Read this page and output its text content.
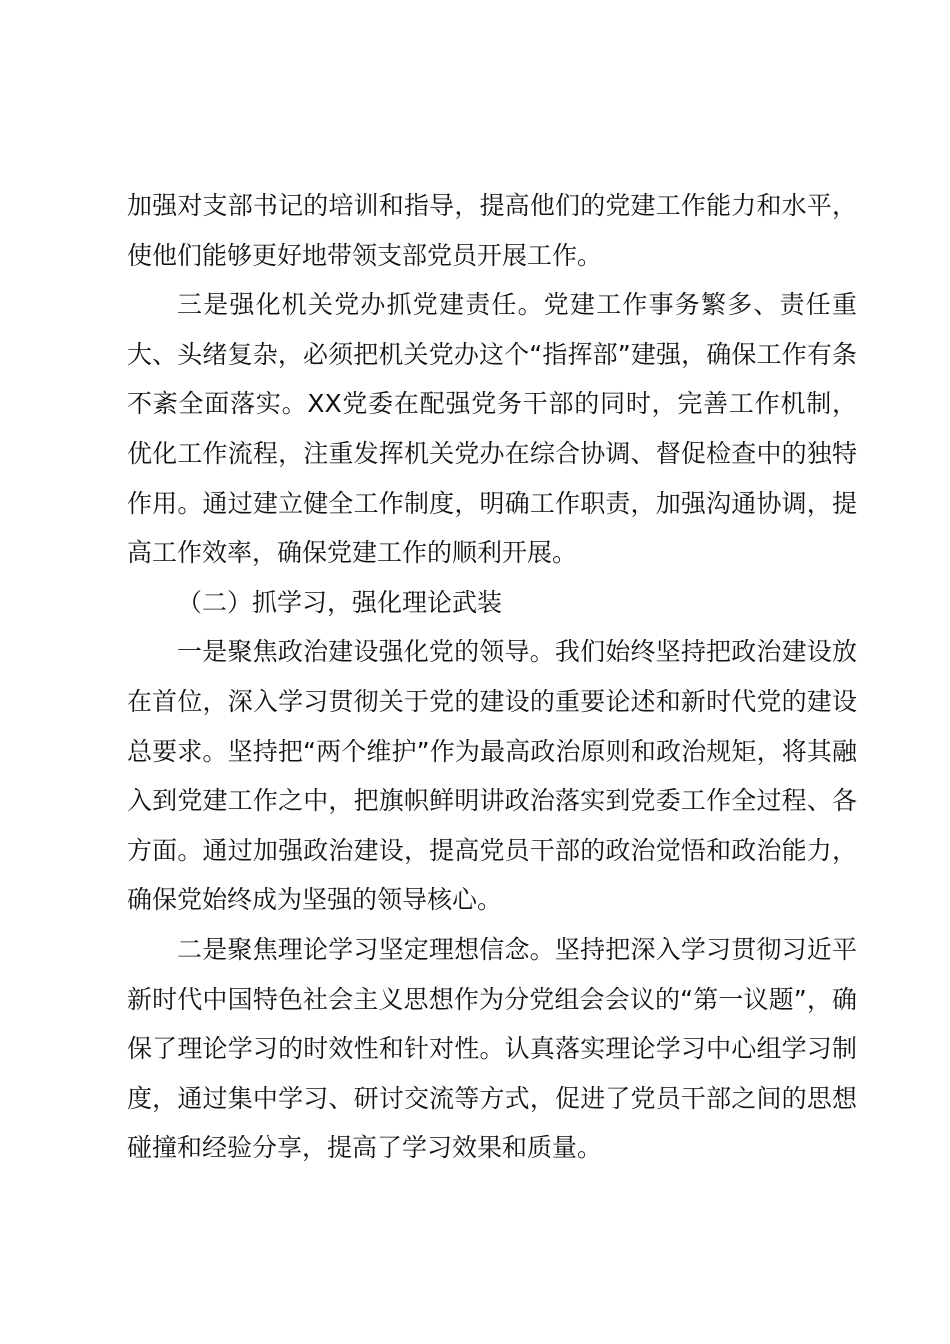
加强对支部书记的培训和指导，提高他们的党建工作能力和水平，使他们能够更好地带领支部党员开展工作。

三是强化机关党办抓党建责任。党建工作事务繁多、责任重大、头绪复杂，必须把机关党办这个“指挥部”建强，确保工作有条不紊全面落实。XX党委在配强党务干部的同时，完善工作机制，优化工作流程，注重发挥机关党办在综合协调、督促检查中的独特作用。通过建立健全工作制度，明确工作职责，加强沟通协调，提高工作效率，确保党建工作的顺利开展。

（二）抓学习，强化理论武装

一是聚焦政治建设强化党的领导。我们始终坚持把政治建设放在首位，深入学习贯彻关于党的建设的重要论述和新时代党的建设总要求。坚持把“两个维护”作为最高政治原则和政治规矩，将其融入到党建工作之中，把旗帜鲜明讲政治落实到党委工作全过程、各方面。通过加强政治建设，提高党员干部的政治觉悟和政治能力，确保党始终成为坚强的领导核心。

二是聚焦理论学习坚定理想信念。坚持把深入学习贯彻习近平新时代中国特色社会主义思想作为分党组会会议的“第一议题”，确保了理论学习的时效性和针对性。认真落实理论学习中心组学习制度，通过集中学习、研讨交流等方式，促进了党员干部之间的思想碰撞和经验分享，提高了学习效果和质量。
